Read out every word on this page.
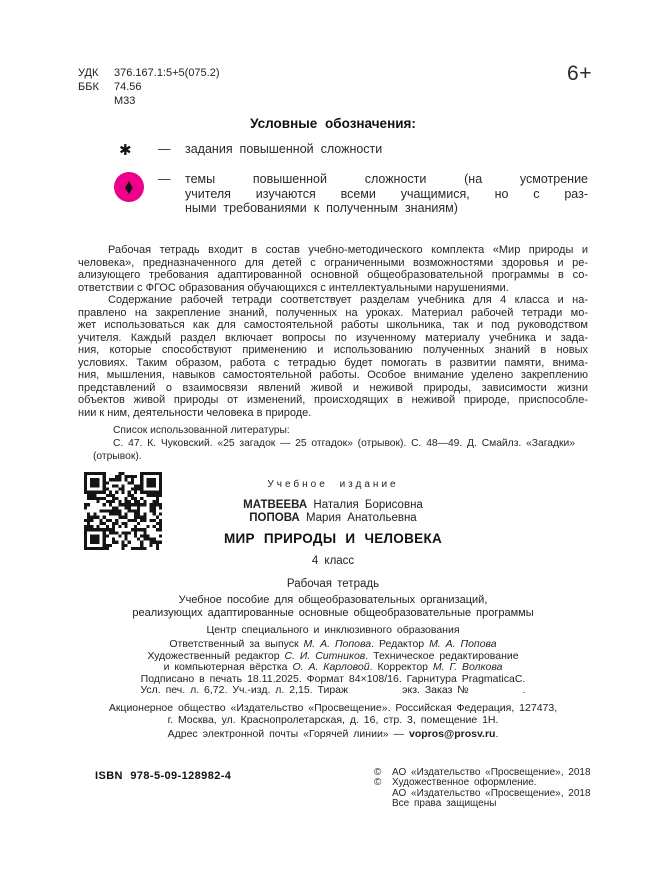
6+
УДК	376.167.1:5+5(075.2)
ББК	74.56
М33
Условные обозначения:
✱ — задания повышенной сложности
♦ — темы повышенной сложности (на усмотрение
учителя изучаются всеми учащимися, но с раз-
ными требованиями к полученным знаниям)
Рабочая тетрадь входит в состав учебно-методического комплекта «Мир природы и
человека», предназначенного для детей с ограниченными возможностями здоровья и ре-
ализующего требования адаптированной основной общеобразовательной программы в со-
ответствии с ФГОС образования обучающихся с интеллектуальными нарушениями.
Содержание рабочей тетради соответствует разделам учебника для 4 класса и на-
правлено на закрепление знаний, полученных на уроках. Материал рабочей тетради мо-
жет использоваться как для самостоятельной работы школьника, так и под руководством
учителя. Каждый раздел включает вопросы по изученному материалу учебника и зада-
ния, которые способствуют применению и использованию полученных знаний в новых
условиях. Таким образом, работа с тетрадью будет помогать в развитии памяти, внима-
ния, мышления, навыков самостоятельной работы. Особое внимание уделено закреплению
представлений о взаимосвязи явлений живой и неживой природы, зависимости жизни
объектов живой природы от изменений, происходящих в неживой природе, приспособле-
нии к ним, деятельности человека в природе.
Список использованной литературы:
С. 47. К. Чуковский. «25 загадок — 25 отгадок» (отрывок). С. 48—49. Д. Смайлз. «Загадки»
(отрывок).
Учебное издание
МАТВЕЕВА Наталия Борисовна
ПОПОВА Мария Анатольевна
МИР ПРИРОДЫ И ЧЕЛОВЕКА
4 класс
Рабочая тетрадь
Учебное пособие для общеобразовательных организаций,
реализующих адаптированные основные общеобразовательные программы
Центр специального и инклюзивного образования
Ответственный за выпуск М. А. Попова. Редактор М. А. Попова
Художественный редактор С. И. Ситников. Техническое редактирование
и компьютерная вёрстка О. А. Карловой. Корректор М. Г. Волкова
Подписано в печать 18.11.2025. Формат 84×108/16. Гарнитура PragmaticaC.
Усл. печ. л. 6,72. Уч.-изд. л. 2,15. Тираж           экз. Заказ №           .
Акционерное общество «Издательство «Просвещение». Российская Федерация, 127473,
г. Москва, ул. Краснопролетарская, д. 16, стр. 3, помещение 1Н.
Адрес электронной почты «Горячей линии» — vopros@prosv.ru.
ISBN 978-5-09-128982-4	©	АО «Издательство «Просвещение», 2018
©	Художественное оформление.
АО «Издательство «Просвещение», 2018
Все права защищены
